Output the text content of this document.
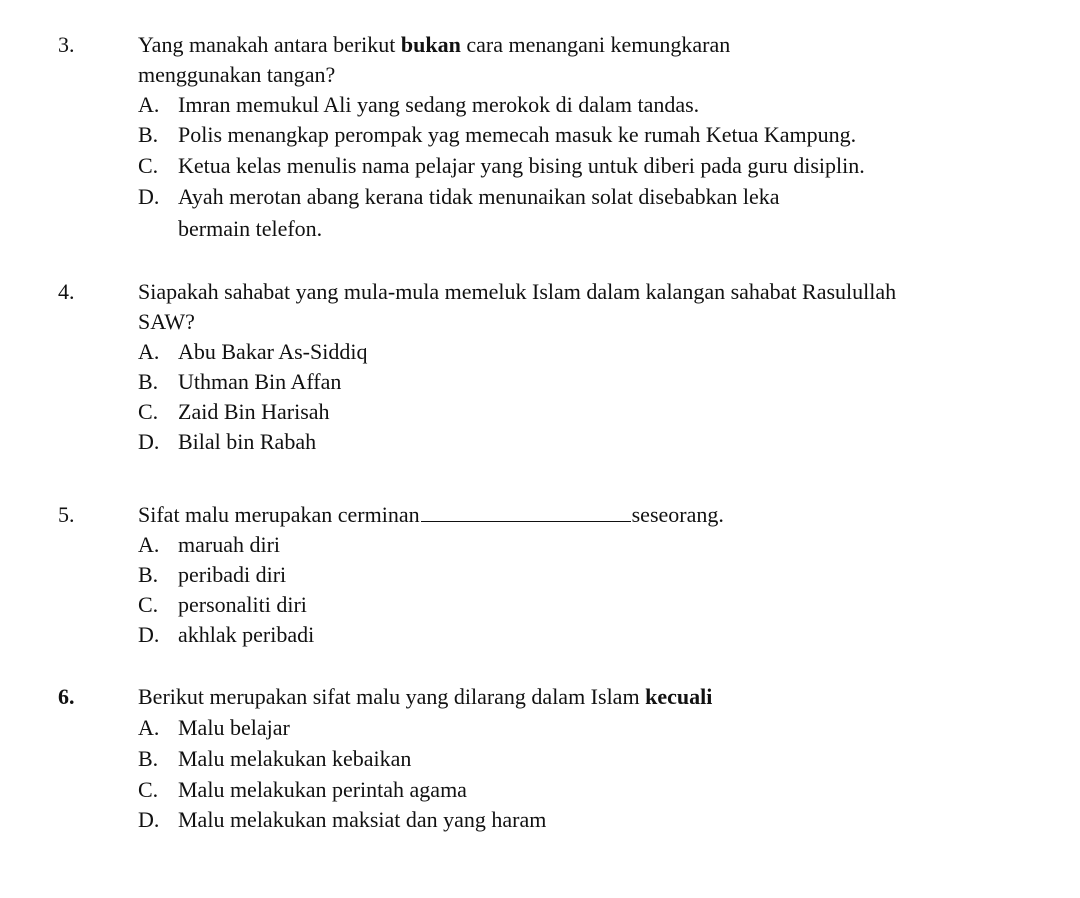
3.	Yang manakah antara berikut bukan cara menangani kemungkaran
menggunakan tangan?
A. Imran memukul Ali yang sedang merokok di dalam tandas.
B. Polis menangkap perompak yag memecah masuk ke rumah Ketua Kampung.
C. Ketua kelas menulis nama pelajar yang bising untuk diberi pada guru disiplin.
D. Ayah merotan abang kerana tidak menunaikan solat disebabkan leka
bermain telefon.
4.	Siapakah sahabat yang mula-mula memeluk Islam dalam kalangan sahabat Rasulullah
SAW?
A. Abu Bakar As-Siddiq
B. Uthman Bin Affan
C. Zaid Bin Harisah
D. Bilal bin Rabah
5.	Sifat malu merupakan cerminan	seseorang.
A. maruah diri
B. peribadi diri
C. personaliti diri
D. akhlak peribadi
6.	Berikut merupakan sifat malu yang dilarang dalam Islam kecuali
A. Malu belajar
B. Malu melakukan kebaikan
C. Malu melakukan perintah agama
D. Malu melakukan maksiat dan yang haram
